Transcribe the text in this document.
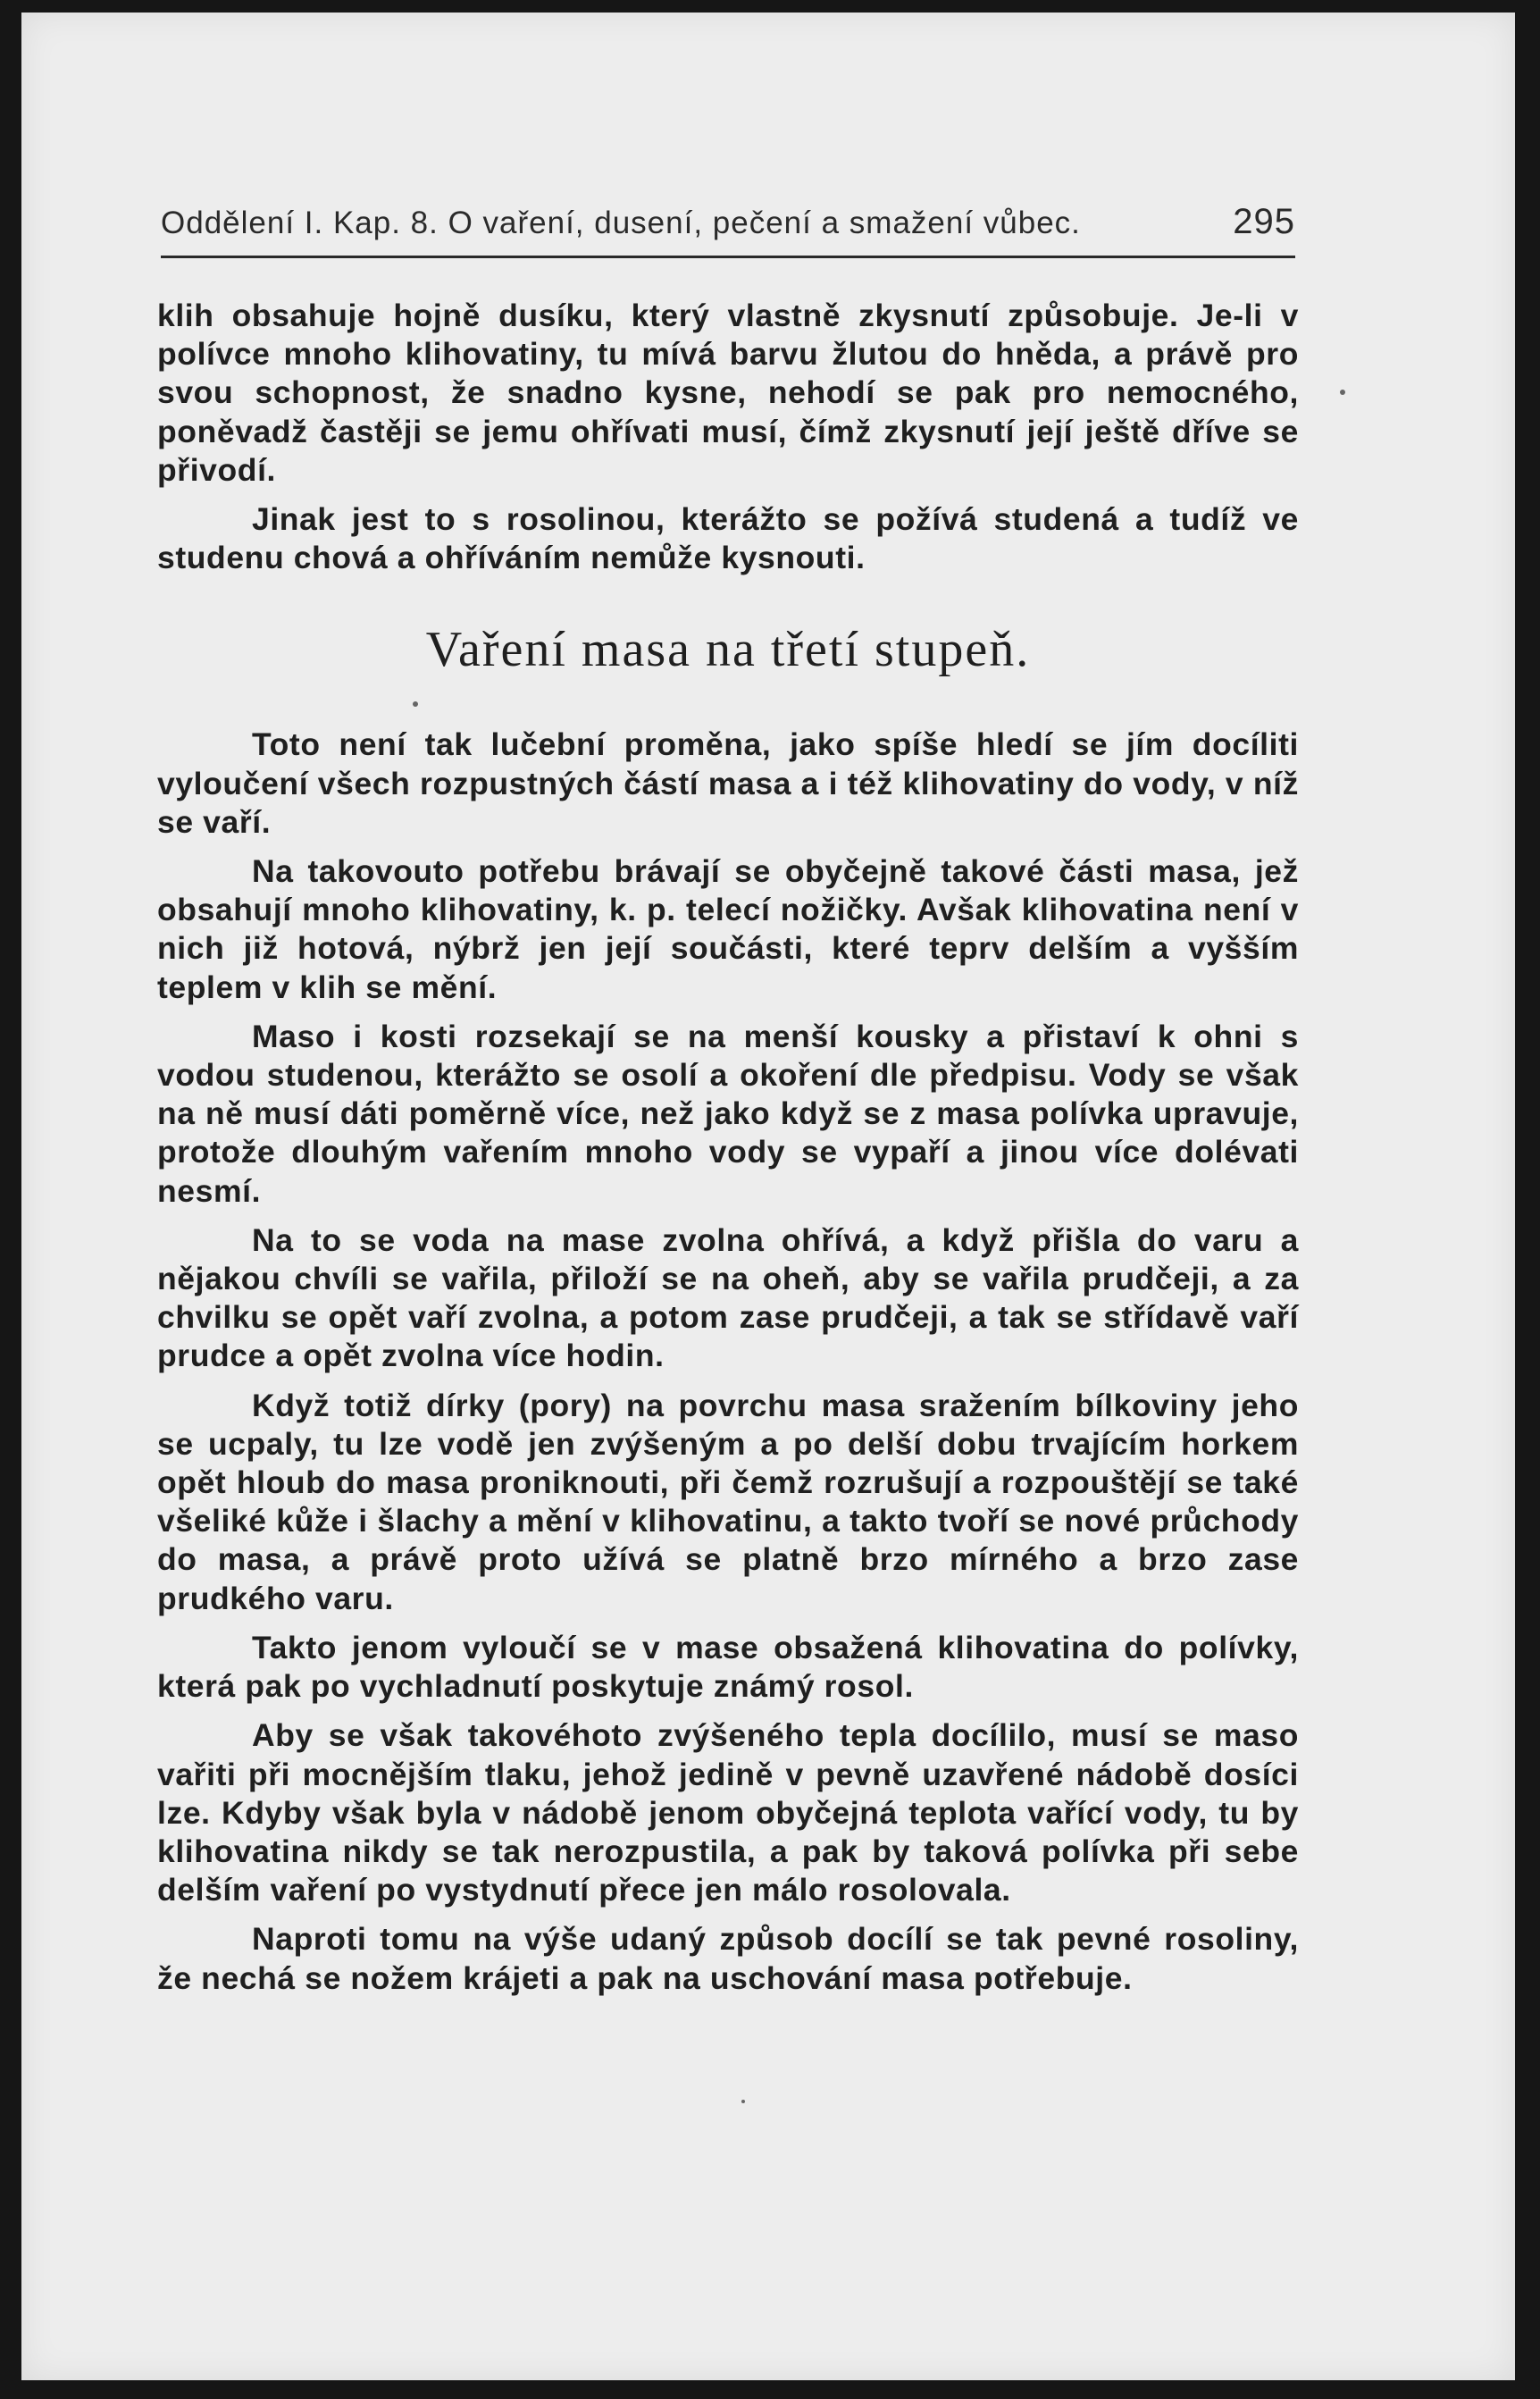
Oddělení I. Kap. 8. O vaření, dusení, pečení a smažení vůbec.	295

klih obsahuje hojně dusíku, který vlastně zkysnutí způsobuje. Je-li v polívce mnoho klihovatiny, tu mívá barvu žlutou do hněda, a právě pro svou schopnost, že snadno kysne, nehodí se pak pro nemocného, poněvadž častěji se jemu ohřívati musí, čímž zkysnutí její ještě dříve se přivodí.

Jinak jest to s rosolinou, kterážto se požívá studená a tudíž ve studenu chová a ohříváním nemůže kysnouti.

Vaření masa na třetí stupeň.

Toto není tak lučební proměna, jako spíše hledí se jím docíliti vyloučení všech rozpustných částí masa a i též klihovatiny do vody, v níž se vaří.

Na takovouto potřebu brávají se obyčejně takové části masa, jež obsahují mnoho klihovatiny, k. p. telecí nožičky. Avšak klihovatina není v nich již hotová, nýbrž jen její součásti, které teprv delším a vyšším teplem v klih se mění.

Maso i kosti rozsekají se na menší kousky a přistaví k ohni s vodou studenou, kterážto se osolí a okoření dle předpisu. Vody se však na ně musí dáti poměrně více, než jako když se z masa polívka upravuje, protože dlouhým vařením mnoho vody se vypaří a jinou více dolévati nesmí.

Na to se voda na mase zvolna ohřívá, a když přišla do varu a nějakou chvíli se vařila, přiloží se na oheň, aby se vařila prudčeji, a za chvilku se opět vaří zvolna, a potom zase prudčeji, a tak se střídavě vaří prudce a opět zvolna více hodin.

Když totiž dírky (pory) na povrchu masa sražením bílkoviny jeho se ucpaly, tu lze vodě jen zvýšeným a po delší dobu trvajícím horkem opět hloub do masa proniknouti, při čemž rozrušují a rozpouštějí se také všeliké kůže i šlachy a mění v klihovatinu, a takto tvoří se nové průchody do masa, a právě proto užívá se platně brzo mírného a brzo zase prudkého varu.

Takto jenom vyloučí se v mase obsažená klihovatina do polívky, která pak po vychladnutí poskytuje známý rosol.

Aby se však takovéhoto zvýšeného tepla docílilo, musí se maso vařiti při mocnějším tlaku, jehož jedině v pevně uzavřené nádobě dosíci lze. Kdyby však byla v nádobě jenom obyčejná teplota vařící vody, tu by klihovatina nikdy se tak nerozpustila, a pak by taková polívka při sebe delším vaření po vystydnutí přece jen málo rosolovala.

Naproti tomu na výše udaný způsob docílí se tak pevné rosoliny, že nechá se nožem krájeti a pak na uschování masa potřebuje.
